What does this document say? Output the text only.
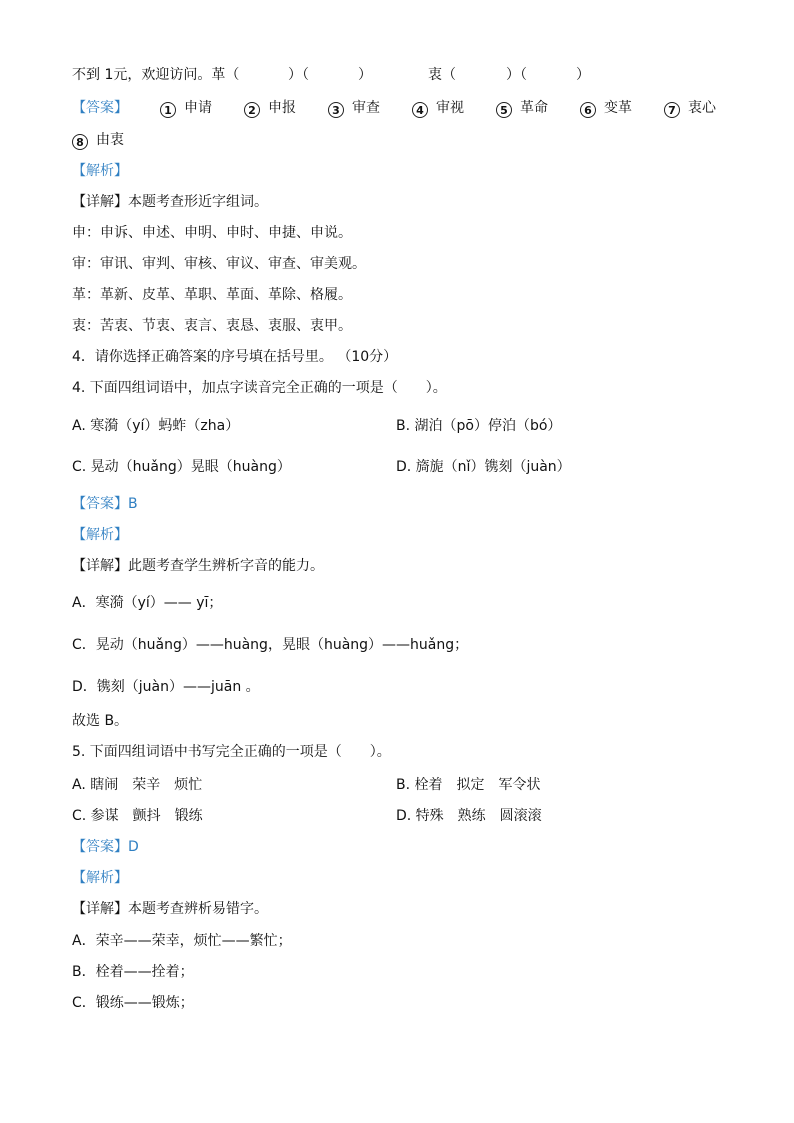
不到 1元，欢迎访问。革（	）（	）	衷（	）（	）
【答案】	1 申请	2 申报	3 审查	4 审视	5 革命	6 变革	7 衷心
8 由衷
【解析】
【详解】本题考查形近字组词。
申：申诉、申述、申明、申时、申捷、申说。
审：审讯、审判、审核、审议、审查、审美观。
革：革新、皮革、革职、革面、革除、格履。
衷：苦衷、节衷、衷言、衷恳、衷服、衷甲。
4．请你选择正确答案的序号填在括号里。 （10分）
4. 下面四组词语中，加点字读音完全正确的一项是（　　）。
A. 寒漪（yí）蚂蚱（zha）	B. 湖泊（pō）停泊（bó）
C. 晃动（huǎng）晃眼（huàng）	D. 旖旎（nǐ）镌刻（juàn）
【答案】B
【解析】
【详解】此题考查学生辨析字音的能力。
A．寒漪（yí）—— yī；
C．晃动（huǎng）——huàng，晃眼（huàng）——huǎng；
D．镌刻（juàn）——juān 。
故选 B。
5. 下面四组词语中书写完全正确的一项是（　　）。
A. 瞎闹　荣辛　烦忙	B. 栓着　拟定　军令状
C. 参谋　颤抖　锻练	D. 特殊　熟练　圆滚滚
【答案】D
【解析】
【详解】本题考查辨析易错字。
A．荣辛——荣幸，烦忙——繁忙；
B．栓着——拴着；
C．锻练——锻炼；
